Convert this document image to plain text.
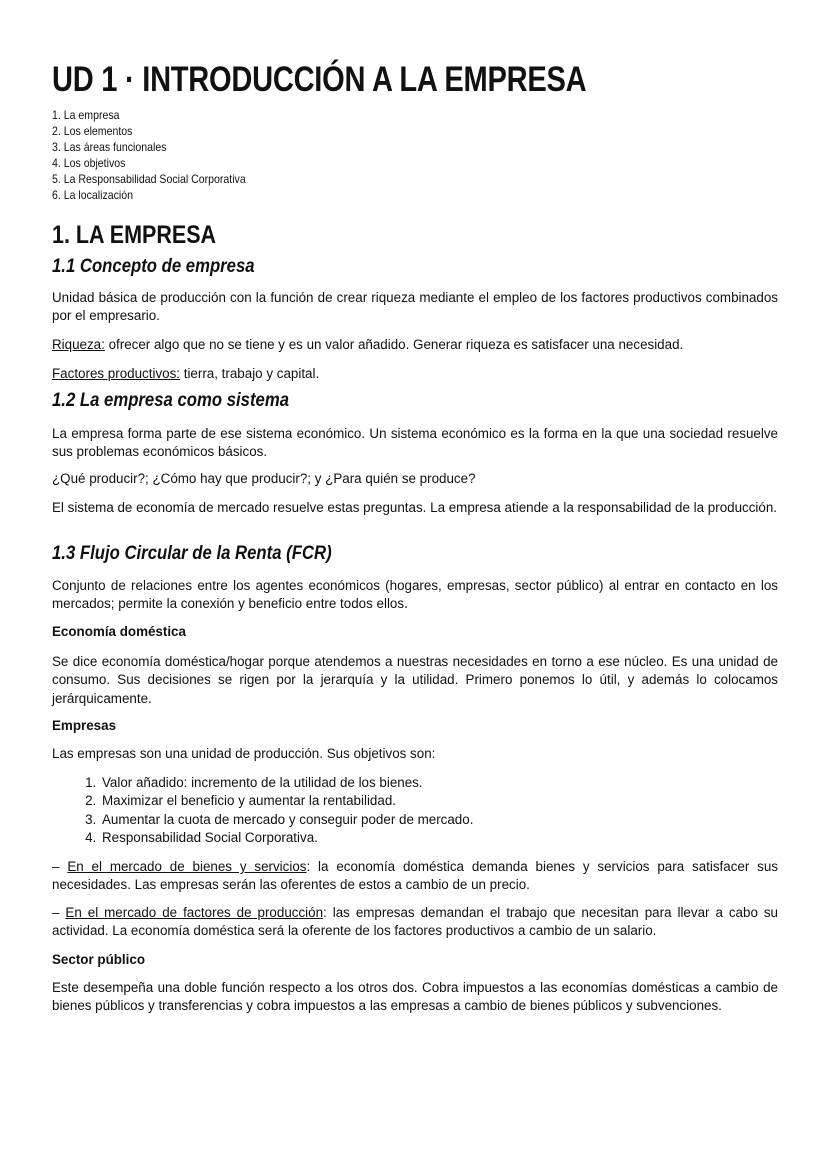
UD 1 · INTRODUCCIÓN A LA EMPRESA
1. La empresa
2. Los elementos
3. Las áreas funcionales
4. Los objetivos
5. La Responsabilidad Social Corporativa
6. La localización
1. LA EMPRESA
1.1 Concepto de empresa
Unidad básica de producción con la función de crear riqueza mediante el empleo de los factores productivos combinados por el empresario.
Riqueza: ofrecer algo que no se tiene y es un valor añadido. Generar riqueza es satisfacer una necesidad.
Factores productivos: tierra, trabajo y capital.
1.2 La empresa como sistema
La empresa forma parte de ese sistema económico. Un sistema económico es la forma en la que una sociedad resuelve sus problemas económicos básicos.
¿Qué producir?; ¿Cómo hay que producir?; y ¿Para quién se produce?
El sistema de economía de mercado resuelve estas preguntas. La empresa atiende a la responsabilidad de la producción.
1.3 Flujo Circular de la Renta (FCR)
Conjunto de relaciones entre los agentes económicos (hogares, empresas, sector público) al entrar en contacto en los mercados; permite la conexión y beneficio entre todos ellos.
Economía doméstica
Se dice economía doméstica/hogar porque atendemos a nuestras necesidades en torno a ese núcleo. Es una unidad de consumo. Sus decisiones se rigen por la jerarquía y la utilidad. Primero ponemos lo útil, y además lo colocamos jerárquicamente.
Empresas
Las empresas son una unidad de producción. Sus objetivos son:
1. Valor añadido: incremento de la utilidad de los bienes.
2. Maximizar el beneficio y aumentar la rentabilidad.
3. Aumentar la cuota de mercado y conseguir poder de mercado.
4. Responsabilidad Social Corporativa.
– En el mercado de bienes y servicios: la economía doméstica demanda bienes y servicios para satisfacer sus necesidades. Las empresas serán las oferentes de estos a cambio de un precio.
– En el mercado de factores de producción: las empresas demandan el trabajo que necesitan para llevar a cabo su actividad. La economía doméstica será la oferente de los factores productivos a cambio de un salario.
Sector público
Este desempeña una doble función respecto a los otros dos. Cobra impuestos a las economías domésticas a cambio de bienes públicos y transferencias y cobra impuestos a las empresas a cambio de bienes públicos y subvenciones.
